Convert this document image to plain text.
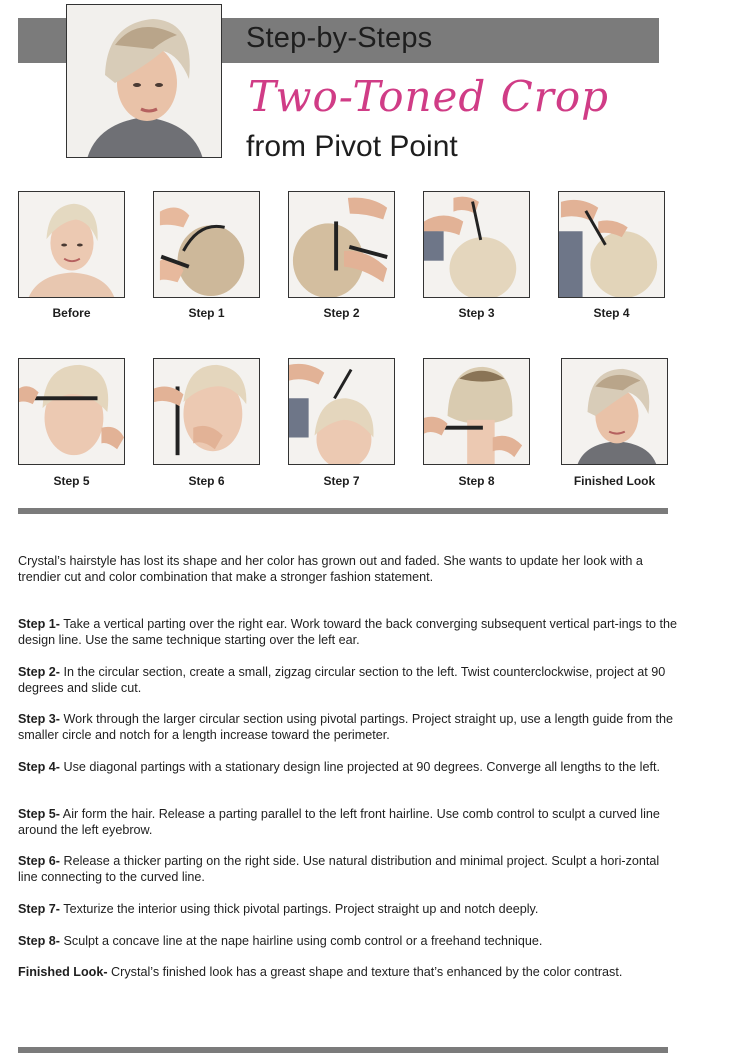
Step-by-Steps
Two-Toned Crop
from Pivot Point
Before	Step 1	Step 2	Step 3	Step 4
Step 5	Step 6	Step 7	Step 8	Finished Look
Crystal’s hairstyle has lost its shape and her color has grown out and faded. She wants to update her look with a trendier cut and color combination that make a stronger fashion statement.
Step 1- Take a vertical parting over the right ear. Work toward the back converging subsequent vertical part-ings to the design line. Use the same technique starting over the left ear.
Step 2- In the circular section, create a small, zigzag circular section to the left. Twist counterclockwise, project at 90 degrees and slide cut.
Step 3- Work through the larger circular section using pivotal partings. Project straight up, use a length guide from the smaller circle and notch for a length increase toward the perimeter.
Step 4- Use diagonal partings with a stationary design line projected at 90 degrees. Converge all lengths to the left.
Step 5- Air form the hair. Release a parting parallel to the left front hairline. Use comb control to sculpt a curved line around the left eyebrow.
Step 6- Release a thicker parting on the right side. Use natural distribution and minimal project. Sculpt a hori-zontal line connecting to the curved line.
Step 7- Texturize the interior using thick pivotal partings. Project straight up and notch deeply.
Step 8- Sculpt a concave line at the nape hairline using comb control or a freehand technique.
Finished Look- Crystal’s finished look has a greast shape and texture that’s enhanced by the color contrast.
